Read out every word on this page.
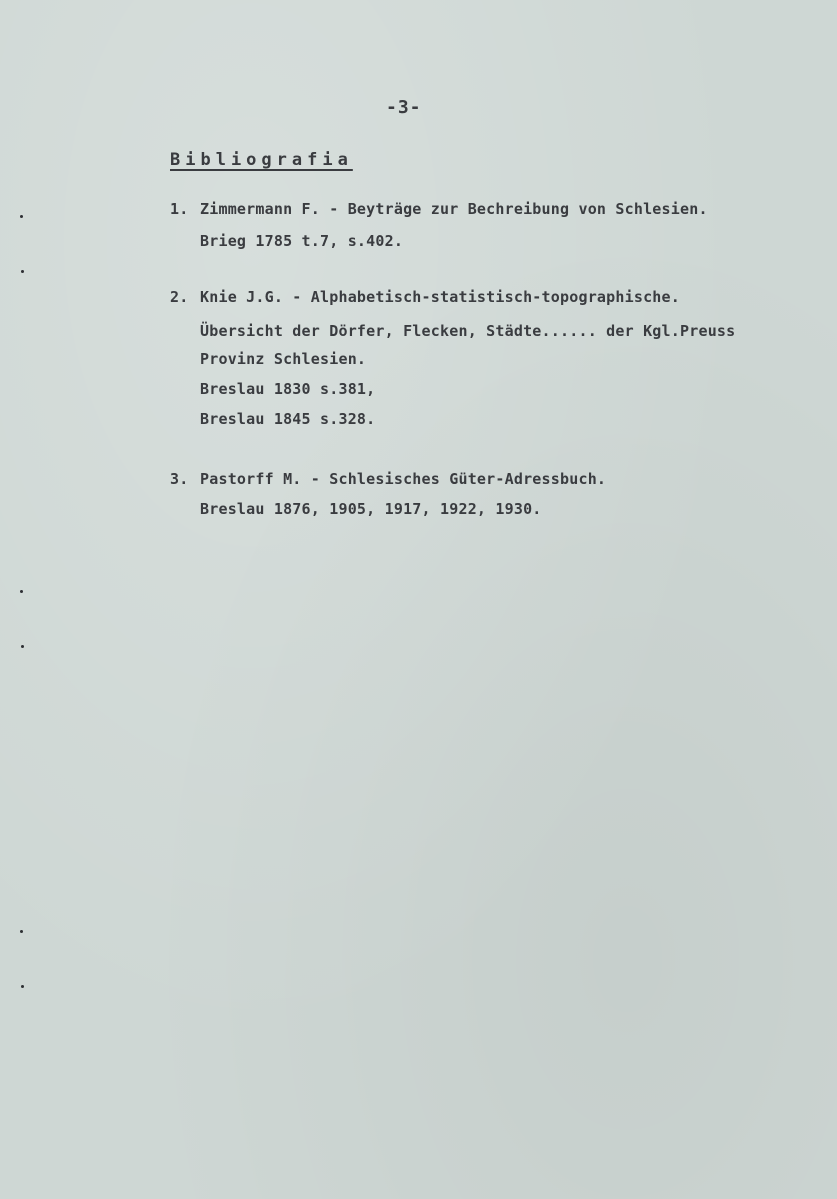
-3-
Bibliografia
1. Zimmermann F. - Beyträge zur Bechreibung von Schlesien.
Brieg 1785 t.7, s.402.
2. Knie J.G. - Alphabetisch-statistisch-topographische.
Übersicht der Dörfer, Flecken, Städte...... der Kgl.Preuss
Provinz Schlesien.
Breslau 1830 s.381,
Breslau 1845 s.328.
3. Pastorff M. - Schlesisches Güter-Adressbuch.
Breslau 1876, 1905, 1917, 1922, 1930.
